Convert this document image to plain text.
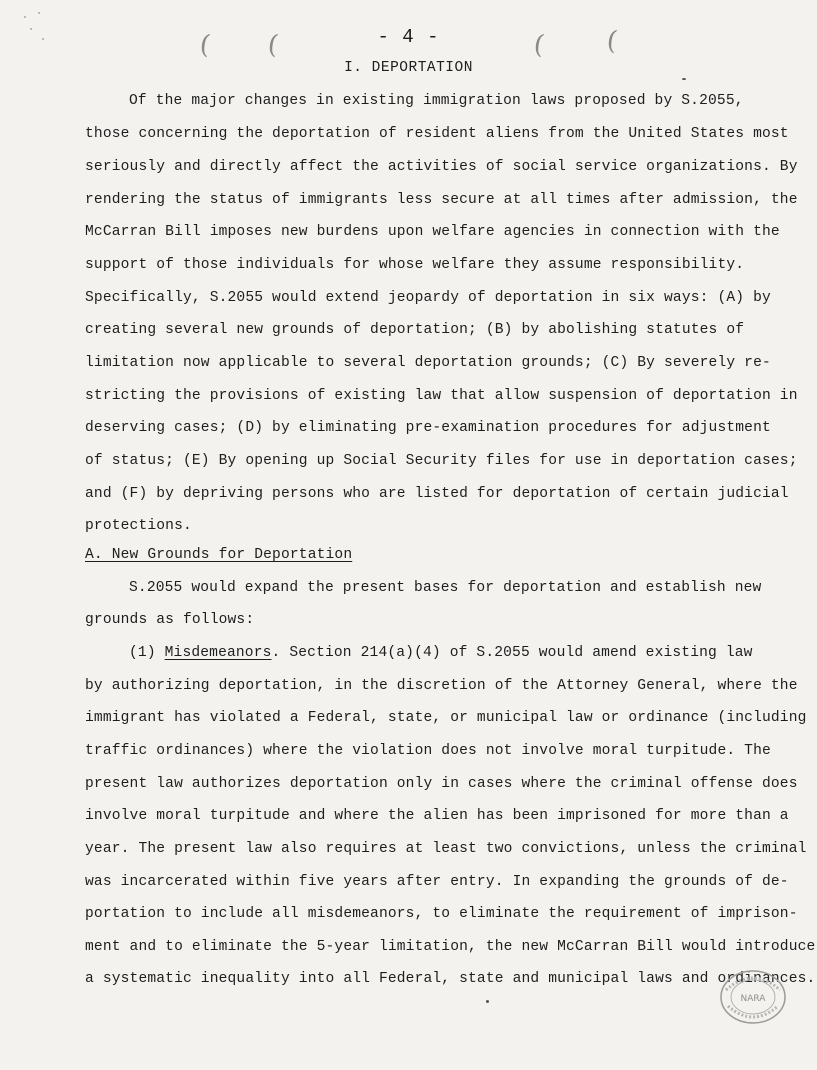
( (	( (
- 4 -
I. DEPORTATION
Of the major changes in existing immigration laws proposed by S.2055,
those concerning the deportation of resident aliens from the United States most
seriously and directly affect the activities of social service organizations. By
rendering the status of immigrants less secure at all times after admission, the
McCarran Bill imposes new burdens upon welfare agencies in connection with the
support of those individuals for whose welfare they assume responsibility.
Specifically, S.2055 would extend jeopardy of deportation in six ways: (A) by
creating several new grounds of deportation; (B) by abolishing statutes of
limitation now applicable to several deportation grounds; (C) By severely re-
stricting the provisions of existing law that allow suspension of deportation in
deserving cases; (D) by eliminating pre-examination procedures for adjustment
of status; (E) By opening up Social Security files for use in deportation cases;
and (F) by depriving persons who are listed for deportation of certain judicial
protections.
A. New Grounds for Deportation
S.2055 would expand the present bases for deportation and establish new
grounds as follows:
(1) Misdemeanors. Section 214(a)(4) of S.2055 would amend existing law
by authorizing deportation, in the discretion of the Attorney General, where the
immigrant has violated a Federal, state, or municipal law or ordinance (including
traffic ordinances) where the violation does not involve moral turpitude. The
present law authorizes deportation only in cases where the criminal offense does
involve moral turpitude and where the alien has been imprisoned for more than a
year. The present law also requires at least two convictions, unless the criminal
was incarcerated within five years after entry. In expanding the grounds of de-
portation to include all misdemeanors, to eliminate the requirement of imprison-
ment and to eliminate the 5-year limitation, the new McCarran Bill would introduce
a systematic inequality into all Federal, state and municipal laws and ordinances.
NARA
